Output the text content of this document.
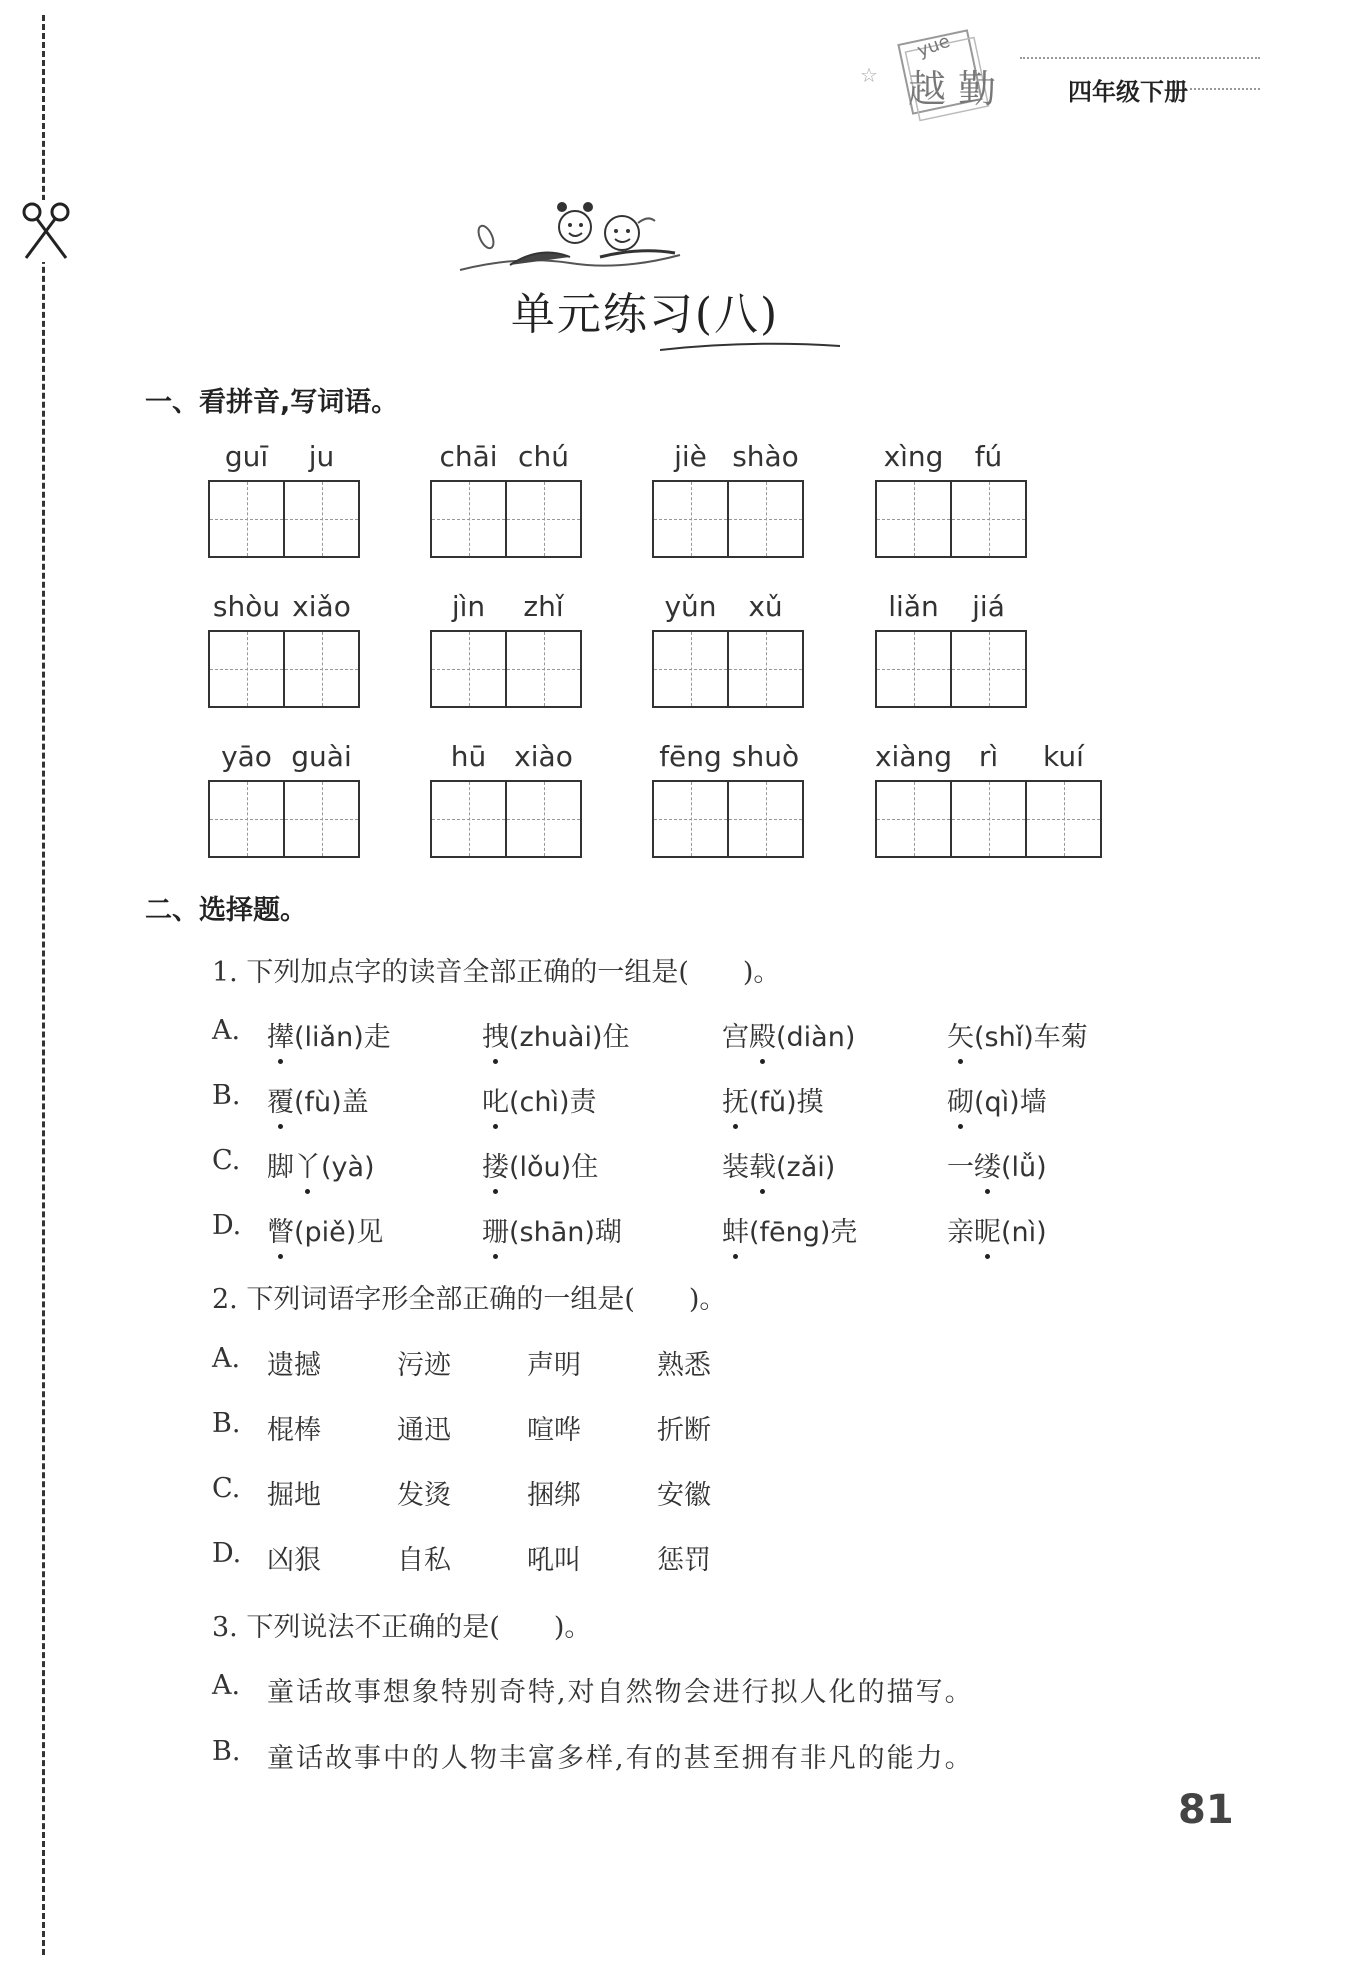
yue
越 勤
☆
四年级下册
单元练习(八)
一、看拼音,写词语。
guī ju	chāi chú	jiè shào	xìng fú
shòu xiǎo	jìn zhǐ	yǔn xǔ	liǎn jiá
yāo guài	hū xiào	fēng shuò	xiàng rì kuí
二、选择题。
1. 下列加点字的读音全部正确的一组是(　　)。
A. 撵(liǎn)走	拽(zhuài)住	宫殿(diàn)	矢(shǐ)车菊
B. 覆(fù)盖	叱(chì)责	抚(fǔ)摸	砌(qì)墙
C. 脚丫(yà)	搂(lǒu)住	装载(zǎi)	一缕(lǚ)
D. 瞥(piě)见	珊(shān)瑚	蚌(fēng)壳	亲昵(nì)
2. 下列词语字形全部正确的一组是(　　)。
A. 遗撼	污迹	声明	熟悉
B. 棍棒	通迅	喧哗	折断
C. 掘地	发烫	捆绑	安徽
D. 凶狠	自私	吼叫	惩罚
3. 下列说法不正确的是(　　)。
A. 童话故事想象特别奇特,对自然物会进行拟人化的描写。
B. 童话故事中的人物丰富多样,有的甚至拥有非凡的能力。
81
